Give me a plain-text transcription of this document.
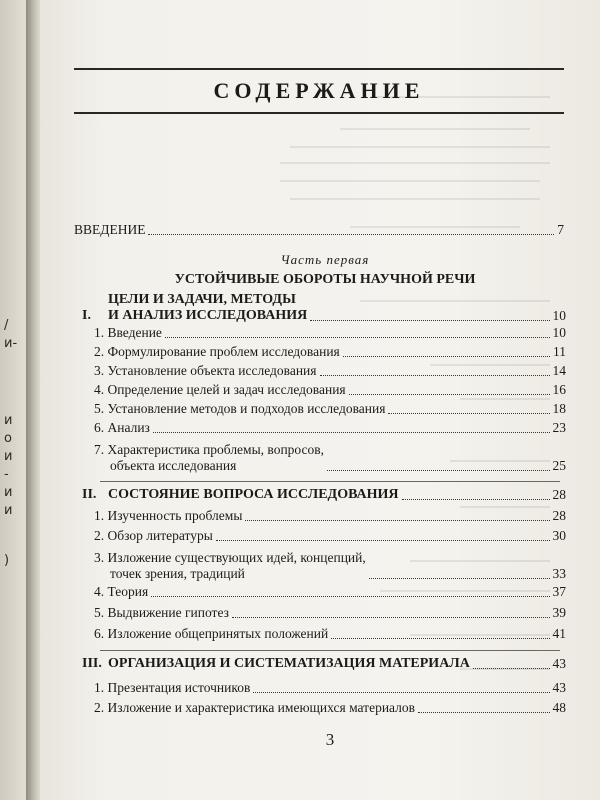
/
и-
и
о
и
-
и
и
)
СОДЕРЖАНИЕ
ВВЕДЕНИЕ	7
Часть первая
УСТОЙЧИВЫЕ ОБОРОТЫ НАУЧНОЙ РЕЧИ
I.
ЦЕЛИ И ЗАДАЧИ, МЕТОДЫ
И АНАЛИЗ ИССЛЕДОВАНИЯ	10
1. Введение	10
2. Формулирование проблем исследования	11
3. Установление объекта исследования	14
4. Определение целей и задач исследования	16
5. Установление методов и подходов исследования	18
6. Анализ	23
7. Характеристика проблемы, вопросов,
объекта исследования	25
II. СОСТОЯНИЕ ВОПРОСА ИССЛЕДОВАНИЯ	28
1. Изученность проблемы	28
2. Обзор литературы	30
3. Изложение существующих идей, концепций,
точек зрения, традиций	33
4. Теория	37
5. Выдвижение гипотез	39
6. Изложение общепринятых положений	41
III. ОРГАНИЗАЦИЯ И СИСТЕМАТИЗАЦИЯ МАТЕРИАЛА	43
1. Презентация источников	43
2. Изложение и характеристика имеющихся материалов	48
3
